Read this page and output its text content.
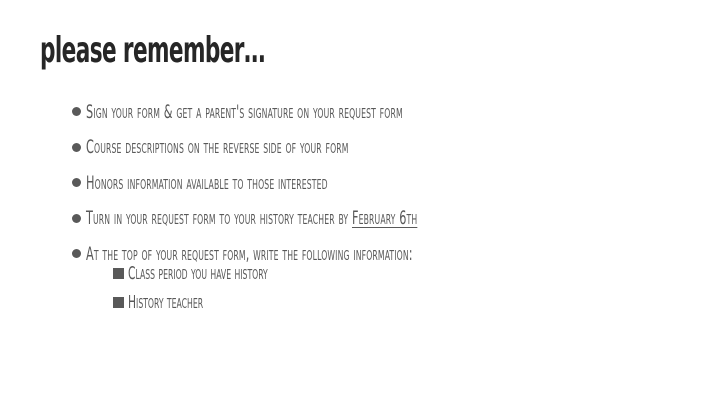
please remember…
Sign your form & get a parent's signature on your request form
Course descriptions on the reverse side of your form
Honors information available to those interested
Turn in your request form to your history teacher by February 6th
At the top of your request form, write the following information:
Class period you have history
History teacher
